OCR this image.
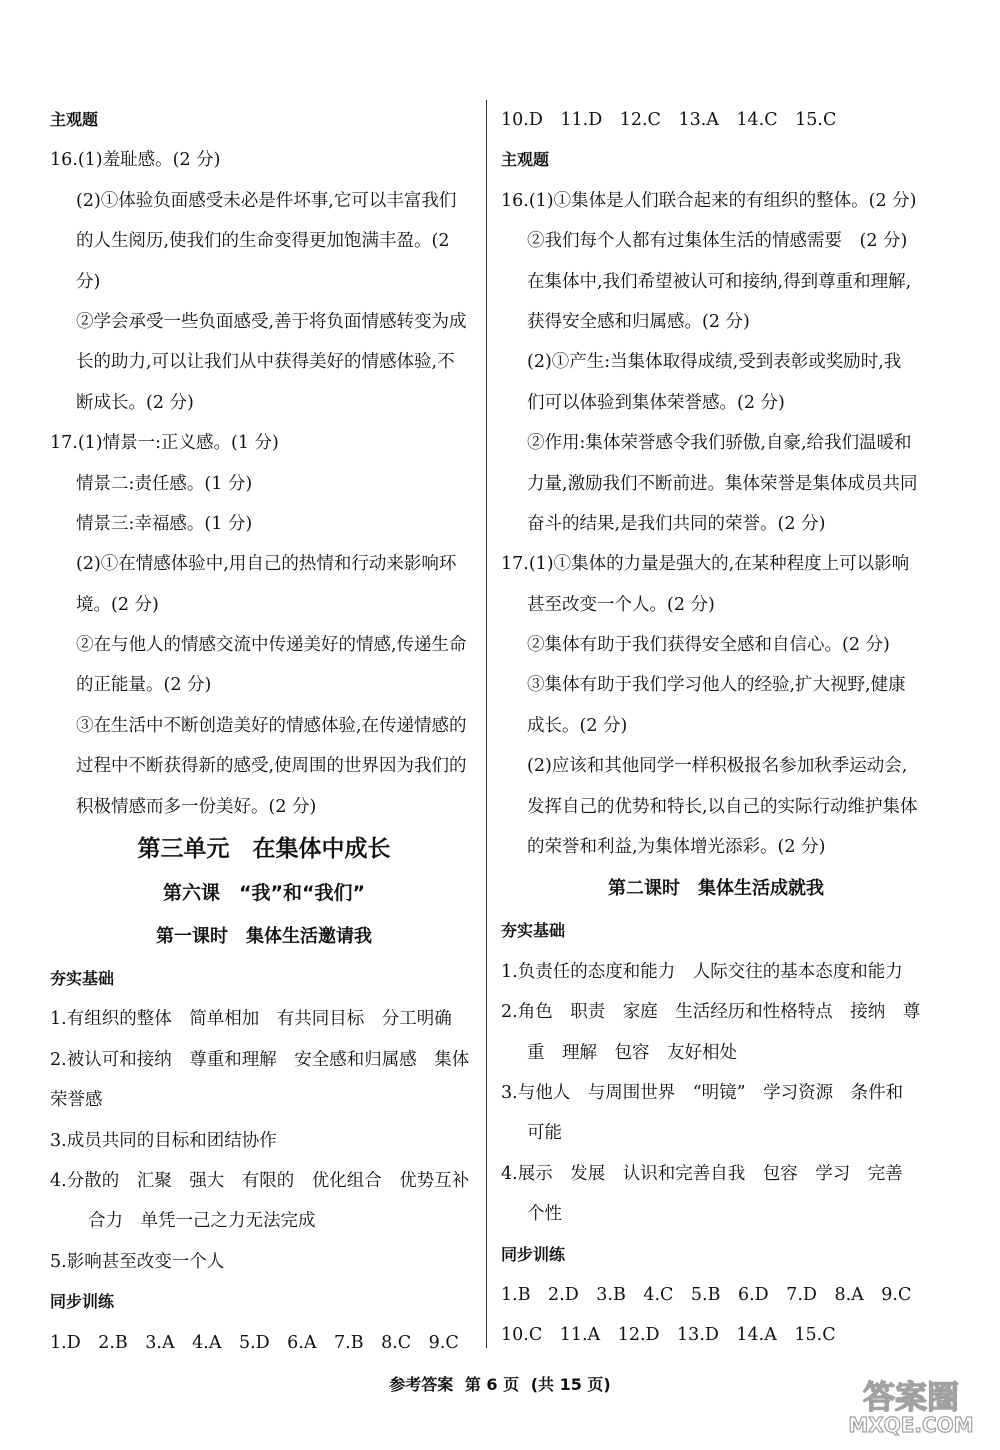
主观题
16.(1)羞耻感。(2 分)
(2)①体验负面感受未必是件坏事,它可以丰富我们
的人生阅历,使我们的生命变得更加饱满丰盈。(2
分)
②学会承受一些负面感受,善于将负面情感转变为成
长的助力,可以让我们从中获得美好的情感体验,不
断成长。(2 分)
17.(1)情景一:正义感。(1 分)
情景二:责任感。(1 分)
情景三:幸福感。(1 分)
(2)①在情感体验中,用自己的热情和行动来影响环
境。(2 分)
②在与他人的情感交流中传递美好的情感,传递生命
的正能量。(2 分)
③在生活中不断创造美好的情感体验,在传递情感的
过程中不断获得新的感受,使周围的世界因为我们的
积极情感而多一份美好。(2 分)
第三单元　在集体中成长
第六课　“我”和“我们”
第一课时　集体生活邀请我
夯实基础
1.有组织的整体　简单相加　有共同目标　分工明确
2.被认可和接纳　尊重和理解　安全感和归属感　集体
荣誉感
3.成员共同的目标和团结协作
4.分散的　汇聚　强大　有限的　优化组合　优势互补
合力　单凭一己之力无法完成
5.影响甚至改变一个人
同步训练
1.D　2.B　3.A　4.A　5.D　6.A　7.B　8.C　9.C
10.D　11.D　12.C　13.A　14.C　15.C
主观题
16.(1)①集体是人们联合起来的有组织的整体。(2 分)
②我们每个人都有过集体生活的情感需要　(2 分)
在集体中,我们希望被认可和接纳,得到尊重和理解,
获得安全感和归属感。(2 分)
(2)①产生:当集体取得成绩,受到表彰或奖励时,我
们可以体验到集体荣誉感。(2 分)
②作用:集体荣誉感令我们骄傲,自豪,给我们温暖和
力量,激励我们不断前进。集体荣誉是集体成员共同
奋斗的结果,是我们共同的荣誉。(2 分)
17.(1)①集体的力量是强大的,在某种程度上可以影响
甚至改变一个人。(2 分)
②集体有助于我们获得安全感和自信心。(2 分)
③集体有助于我们学习他人的经验,扩大视野,健康
成长。(2 分)
(2)应该和其他同学一样积极报名参加秋季运动会,
发挥自己的优势和特长,以自己的实际行动维护集体
的荣誉和利益,为集体增光添彩。(2 分)
第二课时　集体生活成就我
夯实基础
1.负责任的态度和能力　人际交往的基本态度和能力
2.角色　职责　家庭　生活经历和性格特点　接纳　尊
重　理解　包容　友好相处
3.与他人　与周围世界　“明镜”　学习资源　条件和
可能
4.展示　发展　认识和完善自我　包容　学习　完善
个性
同步训练
1.B　2.D　3.B　4.C　5.B　6.D　7.D　8.A　9.C
10.C　11.A　12.D　13.D　14.A　15.C
参考答案 第 6 页 (共 15 页)	答案圈
MXQE.COM
